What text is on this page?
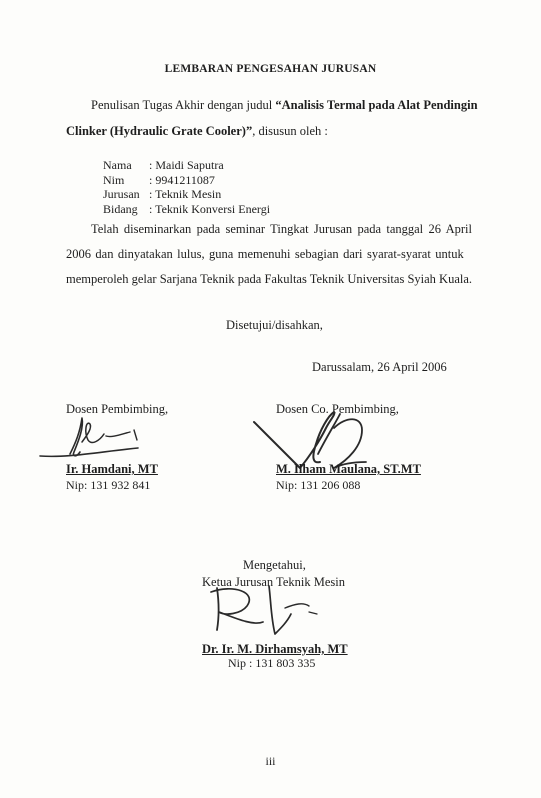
LEMBARAN PENGESAHAN JURUSAN
Penulisan Tugas Akhir dengan judul “Analisis Termal pada Alat Pendingin
Clinker (Hydraulic Grate Cooler)”, disusun oleh :
Nama	: Maidi Saputra
Nim	: 9941211087
Jurusan : Teknik Mesin
Bidang : Teknik Konversi Energi
Telah diseminarkan pada seminar Tingkat Jurusan pada tanggal 26 April
2006 dan dinyatakan lulus, guna memenuhi sebagian dari syarat-syarat untuk
memperoleh gelar Sarjana Teknik pada Fakultas Teknik Universitas Syiah Kuala.
Disetujui/disahkan,
Darussalam, 26 April 2006
Dosen Pembimbing,
Ir. Hamdani, MT
Nip: 131 932 841
Dosen Co. Pembimbing,
M. Ilham Maulana, ST.MT
Nip: 131 206 088
Mengetahui,
Ketua Jurusan Teknik Mesin
Dr. Ir. M. Dirhamsyah, MT
Nip : 131 803 335
iii
